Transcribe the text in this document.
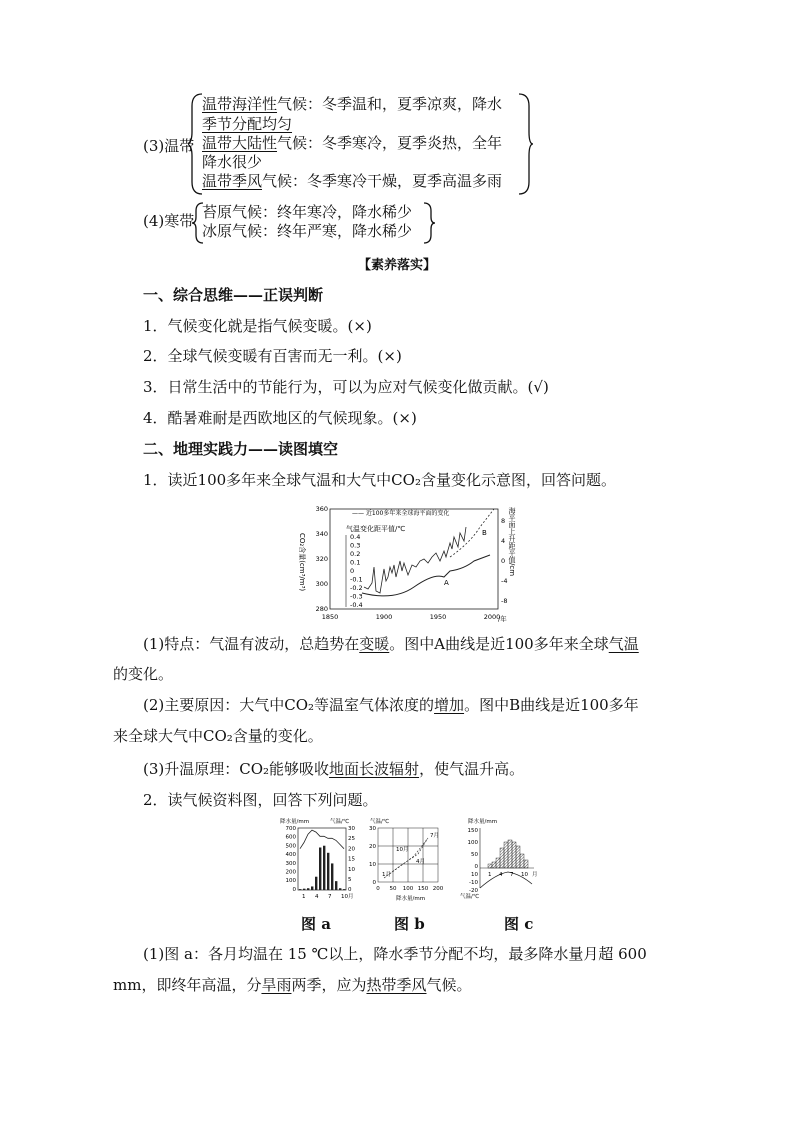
(3)温带
温带海洋性气候：冬季温和，夏季凉爽，降水
季节分配均匀
温带大陆性气候：冬季寒冷，夏季炎热，全年
降水很少
温带季风气候：冬季寒冷干燥，夏季高温多雨
(4)寒带 苔原气候：终年寒冷，降水稀少
冰原气候：终年严寒，降水稀少
【素养落实】
一、综合思维——正误判断
1．气候变化就是指气候变暖。(×)
2．全球气候变暖有百害而无一利。(×)
3．日常生活中的节能行为，可以为应对气候变化做贡献。(√)
4．酷暑难耐是西欧地区的气候现象。(×)
二、地理实践力——读图填空
1．读近100多年来全球气温和大气中CO₂含量变化示意图，回答问题。
CO₂含量(cm³/m³)
280
300
320
340
360
—— 近100多年来全球海平面的变化
气温变化距平值/℃
0.4
0.3
0.2
0.1
0
-0.1
-0.2
-0.3
-0.4
8
4
0
-4
-8
海平面上升距平值/cm
1850	1900	1950	2000
/年
A
B
(1)特点：气温有波动，总趋势在变暖。图中A曲线是近100多年来全球气温
的变化。
(2)主要原因：大气中CO₂等温室气体浓度的增加。图中B曲线是近100多年
来全球大气中CO₂含量的变化。
(3)升温原理：CO₂能够吸收地面长波辐射，使气温升高。
2．读气候资料图，回答下列问题。
降水量/mm	气温/℃
700
600
500
400
300
200
100
0
30
25
20
15
10
5
0
1 4 7 10月
气温/℃
30
20
10
0
0 50 100 150 200
7月
10月
4月
1月
降水量/mm
降水量/mm
150
100
50
0
10
-10
-20
1 4 7 10 月
气温/℃
图 a	图 b	图 c
(1)图 a：各月均温在 15 ℃以上，降水季节分配不均，最多降水量月超 600
mm，即终年高温，分旱雨两季，应为热带季风气候。
